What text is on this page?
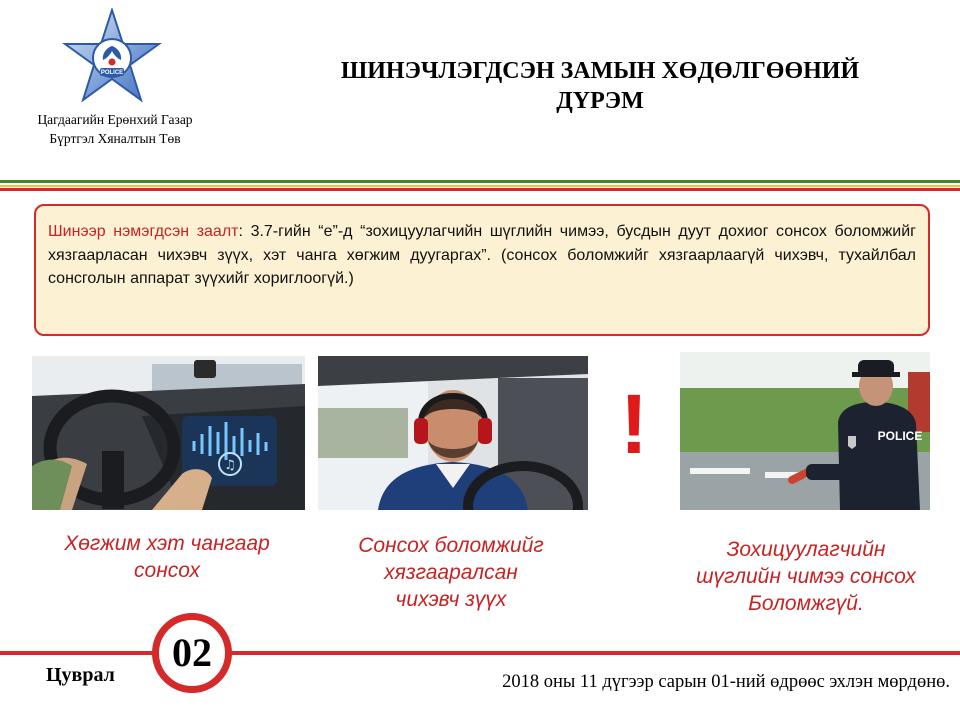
POLICE
Цагдаагийн Ерөнхий Газар
Бүртгэл Хяналтын Төв
ШИНЭЧЛЭГДСЭН ЗАМЫН ХӨДӨЛГӨӨНИЙ
ДҮРЭМ
Шинээр нэмэгдсэн заалт: 3.7-гийн “е”-д “зохицуулагчийн шүглийн чимээ, бусдын дуут дохиог сонсох боломжийг хязгаарласан чихэвч зүүх, хэт чанга хөгжим дуугаргах”. (сонсох боломжийг хязгаарлаагүй чихэвч, тухайлбал сонсголын аппарат зүүхийг хориглоогүй.)
♫	!	POLICE
Хөгжим хэт чангаар
сонсох
Сонсох боломжийг
хязгааралсан
чихэвч зүүх
Зохицуулагчийн
шүглийн чимээ сонсох
Боломжгүй.
02
Цуврал	2018 оны 11 дүгээр сарын 01-ний өдрөөс эхлэн мөрдөнө.
